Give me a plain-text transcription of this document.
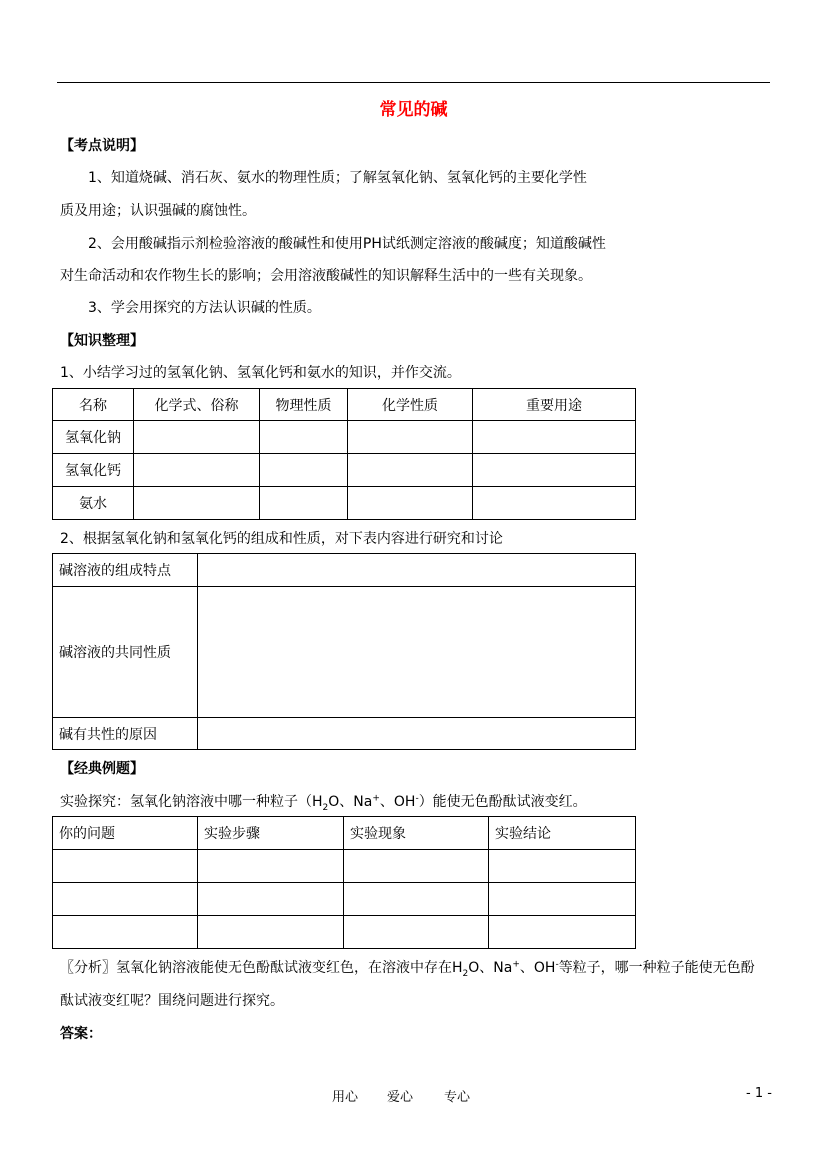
常见的碱
【考点说明】
1、知道烧碱、消石灰、氨水的物理性质；了解氢氧化钠、氢氧化钙的主要化学性
质及用途；认识强碱的腐蚀性。
2、会用酸碱指示剂检验溶液的酸碱性和使用PH试纸测定溶液的酸碱度；知道酸碱性
对生命活动和农作物生长的影响；会用溶液酸碱性的知识解释生活中的一些有关现象。
3、学会用探究的方法认识碱的性质。
【知识整理】
1、小结学习过的氢氧化钠、氢氧化钙和氨水的知识，并作交流。
名称	化学式、俗称	物理性质	化学性质	重要用途
氢氧化钠				
氢氧化钙				
氨水				
2、根据氢氧化钠和氢氧化钙的组成和性质，对下表内容进行研究和讨论
碱溶液的组成特点	
碱溶液的共同性质	
碱有共性的原因	
【经典例题】
实验探究：氢氧化钠溶液中哪一种粒子（$H_2O$、Na+、OH-）能使无色酚酞试液变红。
你的问题	实验步骤	实验现象	实验结论

〖分析〗氢氧化钠溶液能使无色酚酞试液变红色，在溶液中存在$H_2O$、Na+、OH-等粒子，哪一种粒子能使无色酚
酞试液变红呢？围绕问题进行探究。
答案：
用心 爱心 专心	- 1 -
